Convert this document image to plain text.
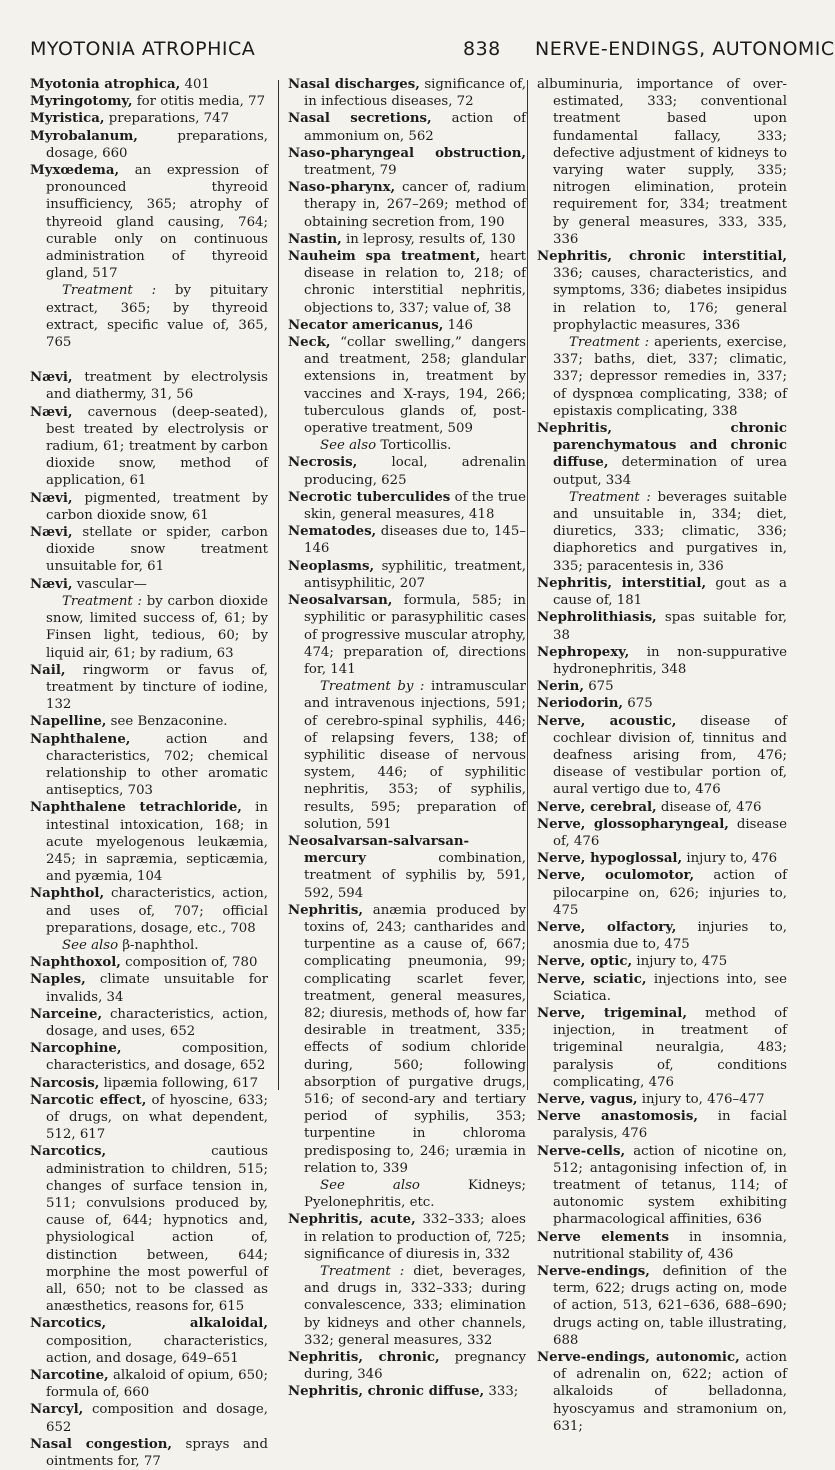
MYOTONIA ATROPHICA	838 NERVE-ENDINGS, AUTONOMIC
Myotonia atrophica, 401
Myringotomy, for otitis media, 77
Myristica, preparations, 747
Myrobalanum, preparations, dosage, 660
Myxœdema, an expression of pronounced thyreoid insufficiency, 365; atrophy of thyreoid gland causing, 764; curable only on continuous administration of thyreoid gland, 517
Treatment : by pituitary extract, 365; by thyreoid extract, specific value of, 365, 765
Nævi, treatment by electrolysis and diathermy, 31, 56
Nævi, cavernous (deep-seated), best treated by electrolysis or radium, 61; treatment by carbon dioxide snow, method of application, 61
Nævi, pigmented, treatment by carbon dioxide snow, 61
Nævi, stellate or spider, carbon dioxide snow treatment unsuitable for, 61
Nævi, vascular—
Treatment : by carbon dioxide snow, limited success of, 61; by Finsen light, tedious, 60; by liquid air, 61; by radium, 63
Nail, ringworm or favus of, treatment by tincture of iodine, 132
Napelline, see Benzaconine.
Naphthalene, action and characteristics, 702; chemical relationship to other aromatic antiseptics, 703
Naphthalene tetrachloride, in intestinal intoxication, 168; in acute myelogenous leukæmia, 245; in sapræmia, septicæmia, and pyæmia, 104
Naphthol, characteristics, action, and uses of, 707; official preparations, dosage, etc., 708
See also β-naphthol.
Naphthoxol, composition of, 780
Naples, climate unsuitable for invalids, 34
Narceine, characteristics, action, dosage, and uses, 652
Narcophine, composition, characteristics, and dosage, 652
Narcosis, lipæmia following, 617
Narcotic effect, of hyoscine, 633; of drugs, on what dependent, 512, 617
Narcotics, cautious administration to children, 515; changes of surface tension in, 511; convulsions produced by, cause of, 644; hypnotics and, physiological action of, distinction between, 644; morphine the most powerful of all, 650; not to be classed as anæsthetics, reasons for, 615
Narcotics, alkaloidal, composition, characteristics, action, and dosage, 649–651
Narcotine, alkaloid of opium, 650; formula of, 660
Narcyl, composition and dosage, 652
Nasal congestion, sprays and ointments for, 77
Nasal discharges, significance of, in infectious diseases, 72
Nasal secretions, action of ammonium on, 562
Naso-pharyngeal obstruction, treatment, 79
Naso-pharynx, cancer of, radium therapy in, 267–269; method of obtaining secretion from, 190
Nastin, in leprosy, results of, 130
Nauheim spa treatment, heart disease in relation to, 218; of chronic interstitial nephritis, objections to, 337; value of, 38
Necator americanus, 146
Neck, “collar swelling,” dangers and treatment, 258; glandular extensions in, treatment by vaccines and X-rays, 194, 266; tuberculous glands of, post-operative treatment, 509
See also Torticollis.
Necrosis, local, adrenalin producing, 625
Necrotic tuberculides of the true skin, general measures, 418
Nematodes, diseases due to, 145–146
Neoplasms, syphilitic, treatment, antisyphilitic, 207
Neosalvarsan, formula, 585; in syphilitic or parasyphilitic cases of progressive muscular atrophy, 474; preparation of, directions for, 141
Treatment by : intramuscular and intravenous injections, 591; of cerebro-spinal syphilis, 446; of relapsing fevers, 138; of syphilitic disease of nervous system, 446; of syphilitic nephritis, 353; of syphilis, results, 595; preparation of solution, 591
Neosalvarsan-salvarsan-mercury combination, treatment of syphilis by, 591, 592, 594
Nephritis, anæmia produced by toxins of, 243; cantharides and turpentine as a cause of, 667; complicating pneumonia, 99; complicating scarlet fever, treatment, general measures, 82; diuresis, methods of, how far desirable in treatment, 335; effects of sodium chloride during, 560; following absorption of purgative drugs, 516; of second-ary and tertiary period of syphilis, 353; turpentine in chloroma predisposing to, 246; uræmia in relation to, 339
See also Kidneys; Pyelonephritis, etc.
Nephritis, acute, 332–333; aloes in relation to production of, 725; significance of diuresis in, 332
Treatment : diet, beverages, and drugs in, 332–333; during convalescence, 333; elimination by kidneys and other channels, 332; general measures, 332
Nephritis, chronic, pregnancy during, 346
Nephritis, chronic diffuse, 333;
albuminuria, importance of over-estimated, 333; conventional treatment based upon fundamental fallacy, 333; defective adjustment of kidneys to varying water supply, 335; nitrogen elimination, protein requirement for, 334; treatment by general measures, 333, 335, 336
Nephritis, chronic interstitial, 336; causes, characteristics, and symptoms, 336; diabetes insipidus in relation to, 176; general prophylactic measures, 336
Treatment : aperients, exercise, 337; baths, diet, 337; climatic, 337; depressor remedies in, 337; of dyspnœa complicating, 338; of epistaxis complicating, 338
Nephritis, chronic parenchymatous and chronic diffuse, determination of urea output, 334
Treatment : beverages suitable and unsuitable in, 334; diet, diuretics, 333; climatic, 336; diaphoretics and purgatives in, 335; paracentesis in, 336
Nephritis, interstitial, gout as a cause of, 181
Nephrolithiasis, spas suitable for, 38
Nephropexy, in non-suppurative hydronephritis, 348
Nerin, 675
Neriodorin, 675
Nerve, acoustic, disease of cochlear division of, tinnitus and deafness arising from, 476; disease of vestibular portion of, aural vertigo due to, 476
Nerve, cerebral, disease of, 476
Nerve, glossopharyngeal, disease of, 476
Nerve, hypoglossal, injury to, 476
Nerve, oculomotor, action of pilocarpine on, 626; injuries to, 475
Nerve, olfactory, injuries to, anosmia due to, 475
Nerve, optic, injury to, 475
Nerve, sciatic, injections into, see Sciatica.
Nerve, trigeminal, method of injection, in treatment of trigeminal neuralgia, 483; paralysis of, conditions complicating, 476
Nerve, vagus, injury to, 476–477
Nerve anastomosis, in facial paralysis, 476
Nerve-cells, action of nicotine on, 512; antagonising infection of, in treatment of tetanus, 114; of autonomic system exhibiting pharmacological affinities, 636
Nerve elements in insomnia, nutritional stability of, 436
Nerve-endings, definition of the term, 622; drugs acting on, mode of action, 513, 621–636, 688–690; drugs acting on, table illustrating, 688
Nerve-endings, autonomic, action of adrenalin on, 622; action of alkaloids of belladonna, hyoscyamus and stramonium on, 631;
